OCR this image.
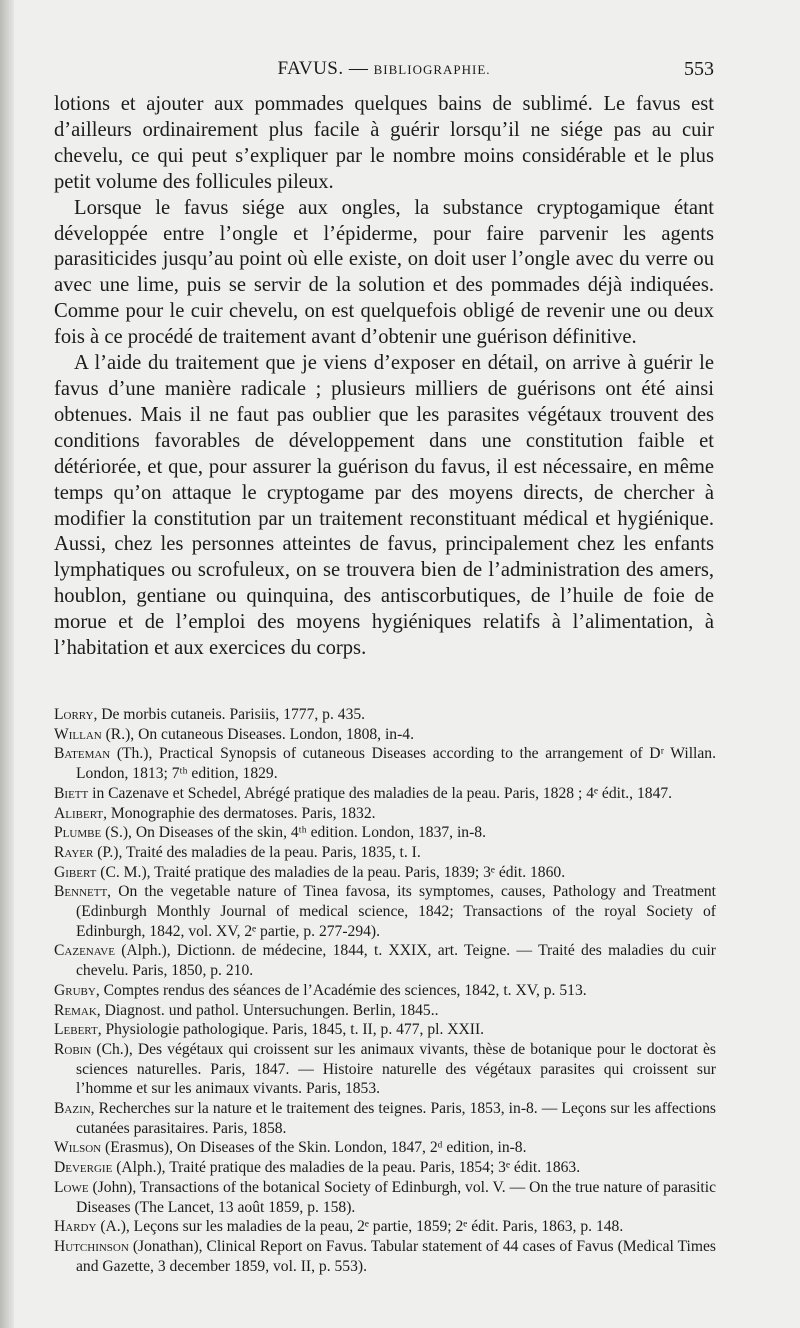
FAVUS. — BIBLIOGRAPHIE.	553

lotions et ajouter aux pommades quelques bains de sublimé. Le favus est d’ailleurs ordinairement plus facile à guérir lorsqu’il ne siége pas au cuir chevelu, ce qui peut s’expliquer par le nombre moins considérable et le plus petit volume des follicules pileux.

Lorsque le favus siége aux ongles, la substance cryptogamique étant développée entre l’ongle et l’épiderme, pour faire parvenir les agents parasiticides jusqu’au point où elle existe, on doit user l’ongle avec du verre ou avec une lime, puis se servir de la solution et des pommades déjà indiquées. Comme pour le cuir chevelu, on est quelquefois obligé de revenir une ou deux fois à ce procédé de traitement avant d’obtenir une guérison définitive.

A l’aide du traitement que je viens d’exposer en détail, on arrive à guérir le favus d’une manière radicale ; plusieurs milliers de guérisons ont été ainsi obtenues. Mais il ne faut pas oublier que les parasites végétaux trouvent des conditions favorables de développement dans une constitution faible et détériorée, et que, pour assurer la guérison du favus, il est nécessaire, en même temps qu’on attaque le cryptogame par des moyens directs, de chercher à modifier la constitution par un traitement reconstituant médical et hygiénique. Aussi, chez les personnes atteintes de favus, principalement chez les enfants lymphatiques ou scrofuleux, on se trouvera bien de l’administration des amers, houblon, gentiane ou quinquina, des antiscorbutiques, de l’huile de foie de morue et de l’emploi des moyens hygiéniques relatifs à l’alimentation, à l’habitation et aux exercices du corps.

Lorry, De morbis cutaneis. Parisiis, 1777, p. 435.

Willan (R.), On cutaneous Diseases. London, 1808, in-4.

Bateman (Th.), Practical Synopsis of cutaneous Diseases according to the arrangement of Dʳ Willan. London, 1813; 7ᵗʰ edition, 1829.

Biett in Cazenave et Schedel, Abrégé pratique des maladies de la peau. Paris, 1828 ; 4ᵉ édit., 1847.

Alibert, Monographie des dermatoses. Paris, 1832.

Plumbe (S.), On Diseases of the skin, 4ᵗʰ edition. London, 1837, in-8.

Rayer (P.), Traité des maladies de la peau. Paris, 1835, t. I.

Gibert (C. M.), Traité pratique des maladies de la peau. Paris, 1839; 3ᵉ édit. 1860.

Bennett, On the vegetable nature of Tinea favosa, its symptomes, causes, Pathology and Treatment (Edinburgh Monthly Journal of medical science, 1842; Transactions of the royal Society of Edinburgh, 1842, vol. XV, 2ᵉ partie, p. 277-294).

Cazenave (Alph.), Dictionn. de médecine, 1844, t. XXIX, art. Teigne. — Traité des maladies du cuir chevelu. Paris, 1850, p. 210.

Gruby, Comptes rendus des séances de l’Académie des sciences, 1842, t. XV, p. 513.

Remak, Diagnost. und pathol. Untersuchungen. Berlin, 1845..

Lebert, Physiologie pathologique. Paris, 1845, t. II, p. 477, pl. XXII.

Robin (Ch.), Des végétaux qui croissent sur les animaux vivants, thèse de botanique pour le doctorat ès sciences naturelles. Paris, 1847. — Histoire naturelle des végétaux parasites qui croissent sur l’homme et sur les animaux vivants. Paris, 1853.

Bazin, Recherches sur la nature et le traitement des teignes. Paris, 1853, in-8. — Leçons sur les affections cutanées parasitaires. Paris, 1858.

Wilson (Erasmus), On Diseases of the Skin. London, 1847, 2ᵈ edition, in-8.

Devergie (Alph.), Traité pratique des maladies de la peau. Paris, 1854; 3ᵉ édit. 1863.

Lowe (John), Transactions of the botanical Society of Edinburgh, vol. V. — On the true nature of parasitic Diseases (The Lancet, 13 août 1859, p. 158).

Hardy (A.), Leçons sur les maladies de la peau, 2ᵉ partie, 1859; 2ᵉ édit. Paris, 1863, p. 148.

Hutchinson (Jonathan), Clinical Report on Favus. Tabular statement of 44 cases of Favus (Medical Times and Gazette, 3 december 1859, vol. II, p. 553).
